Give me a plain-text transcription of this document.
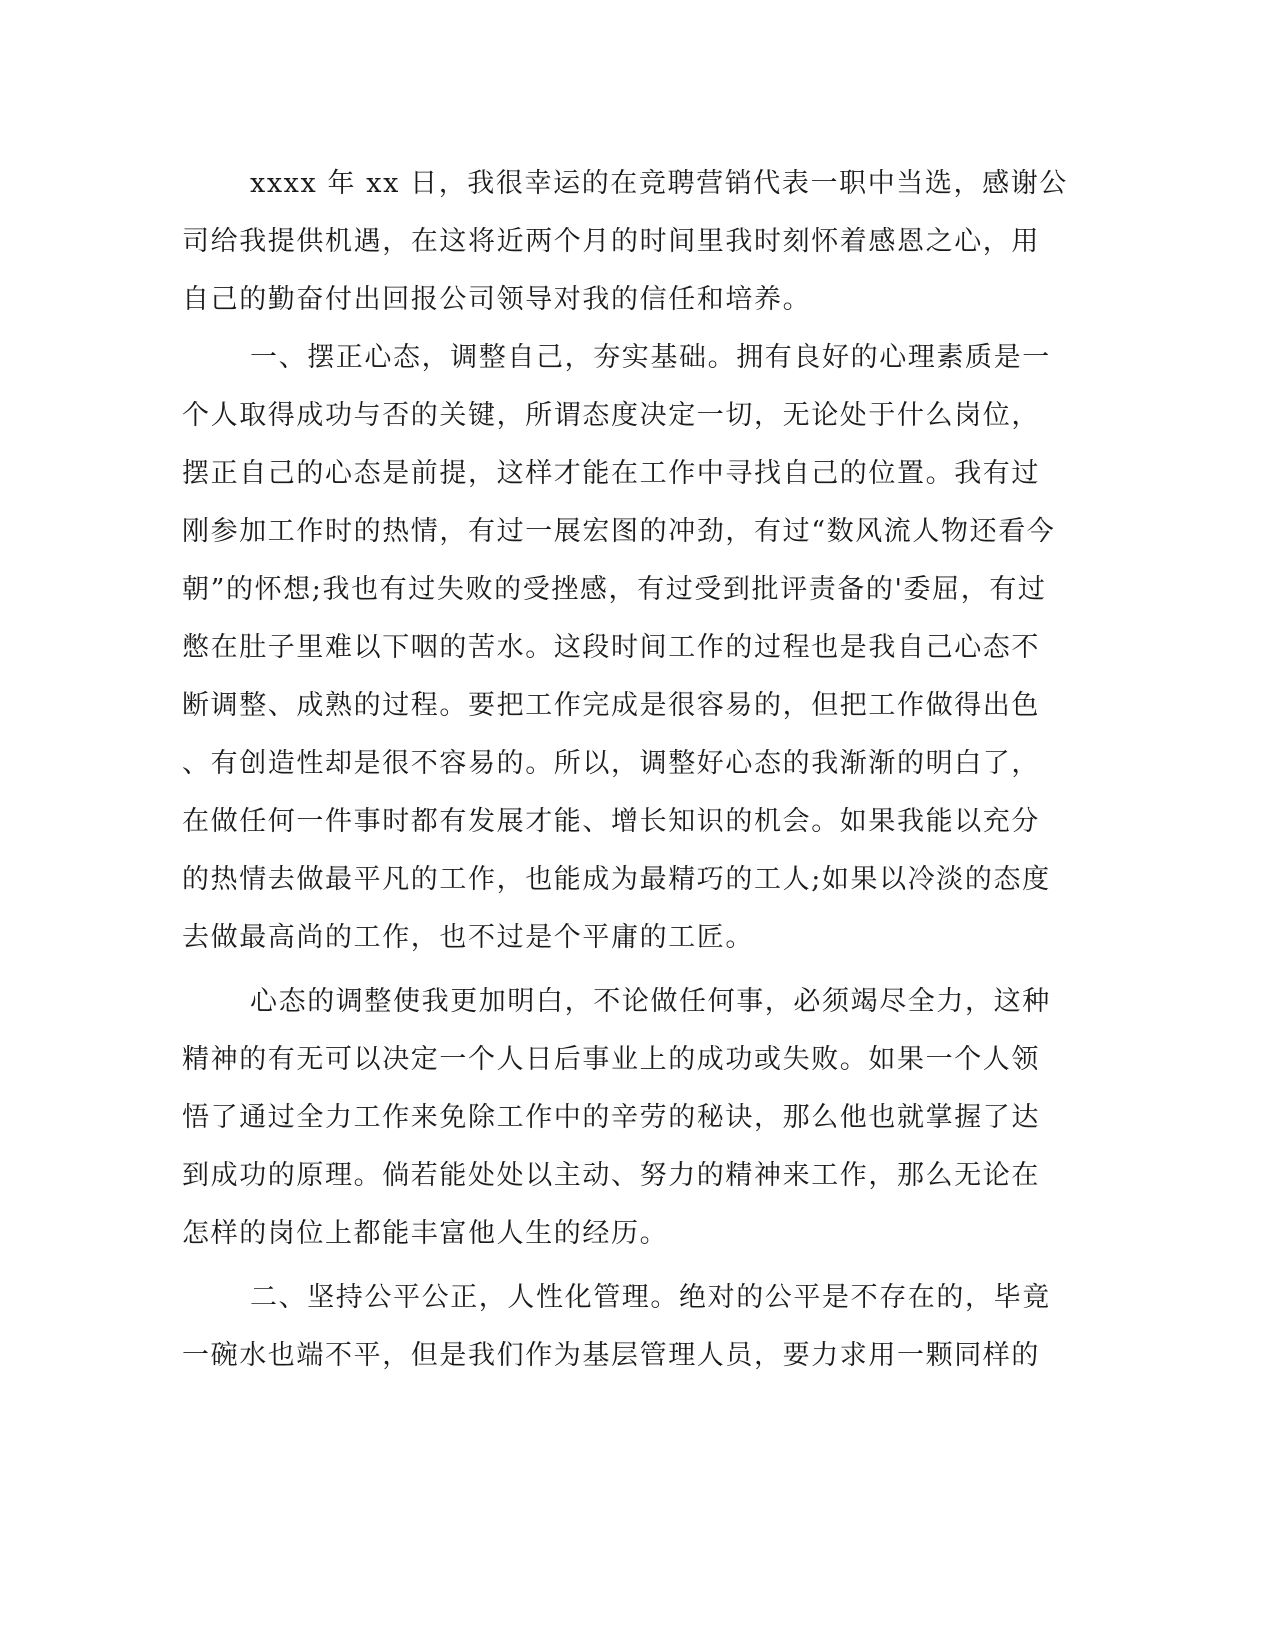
xxxx 年 xx 日，我很幸运的在竞聘营销代表一职中当选，感谢公

司给我提供机遇，在这将近两个月的时间里我时刻怀着感恩之心，用

自己的勤奋付出回报公司领导对我的信任和培养。

一、摆正心态，调整自己，夯实基础。拥有良好的心理素质是一

个人取得成功与否的关键，所谓态度决定一切，无论处于什么岗位，

摆正自己的心态是前提，这样才能在工作中寻找自己的位置。我有过

刚参加工作时的热情，有过一展宏图的冲劲，有过“数风流人物还看今

朝”的怀想;我也有过失败的受挫感，有过受到批评责备的'委屈，有过

憋在肚子里难以下咽的苦水。这段时间工作的过程也是我自己心态不

断调整、成熟的过程。要把工作完成是很容易的，但把工作做得出色

、有创造性却是很不容易的。所以，调整好心态的我渐渐的明白了，

在做任何一件事时都有发展才能、增长知识的机会。如果我能以充分

的热情去做最平凡的工作，也能成为最精巧的工人;如果以冷淡的态度

去做最高尚的工作，也不过是个平庸的工匠。

心态的调整使我更加明白，不论做任何事，必须竭尽全力，这种

精神的有无可以决定一个人日后事业上的成功或失败。如果一个人领

悟了通过全力工作来免除工作中的辛劳的秘诀，那么他也就掌握了达

到成功的原理。倘若能处处以主动、努力的精神来工作，那么无论在

怎样的岗位上都能丰富他人生的经历。

二、坚持公平公正，人性化管理。绝对的公平是不存在的，毕竟

一碗水也端不平，但是我们作为基层管理人员，要力求用一颗同样的
